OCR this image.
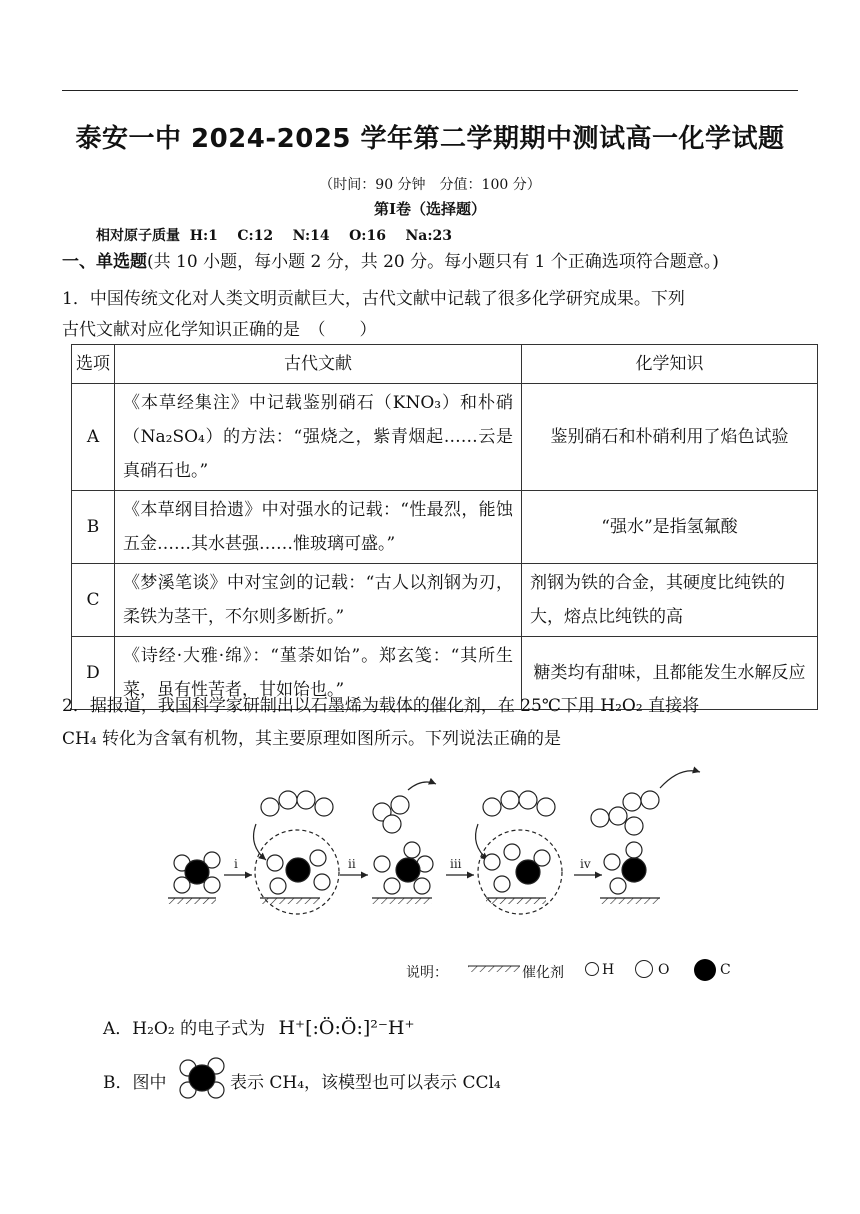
泰安一中 2024-2025 学年第二学期期中测试高一化学试题
（时间：90 分钟　分值：100 分）
第Ⅰ卷（选择题）
相对原子质量  H:1    C:12    N:14    O:16    Na:23
一、单选题(共 10 小题，每小题 2 分，共 20 分。每小题只有 1 个正确选项符合题意。)
1．中国传统文化对人类文明贡献巨大，古代文献中记载了很多化学研究成果。下列
古代文献对应化学知识正确的是　（　　）
选项	古代文献	化学知识
A	《本草经集注》中记载鉴别硝石（KNO₃）和朴硝（Na₂SO₄）的方法：“强烧之，紫青烟起……云是真硝石也。”	鉴别硝石和朴硝利用了焰色试验
B	《本草纲目拾遗》中对强水的记载：“性最烈，能蚀五金……其水甚强……惟玻璃可盛。”	“强水”是指氢氟酸
C	《梦溪笔谈》中对宝剑的记载：“古人以剂钢为刃，柔铁为茎干，不尔则多断折。”	剂钢为铁的合金，其硬度比纯铁的大，熔点比纯铁的高
D	《诗经·大雅·绵》：“堇荼如饴”。郑玄笺：“其所生菜，虽有性苦者，甘如饴也。”	糖类均有甜味，且都能发生水解反应
2．据报道，我国科学家研制出以石墨烯为载体的催化剂，在 25℃下用 H₂O₂ 直接将
CH₄ 转化为含氧有机物，其主要原理如图所示。下列说法正确的是
i	ii	iii	iv
说明：	催化剂	H	O	C
A．H₂O₂ 的电子式为 H⁺[:Ö:Ö:]²⁻H⁺
B．图中	表示 CH₄，该模型也可以表示 CCl₄
